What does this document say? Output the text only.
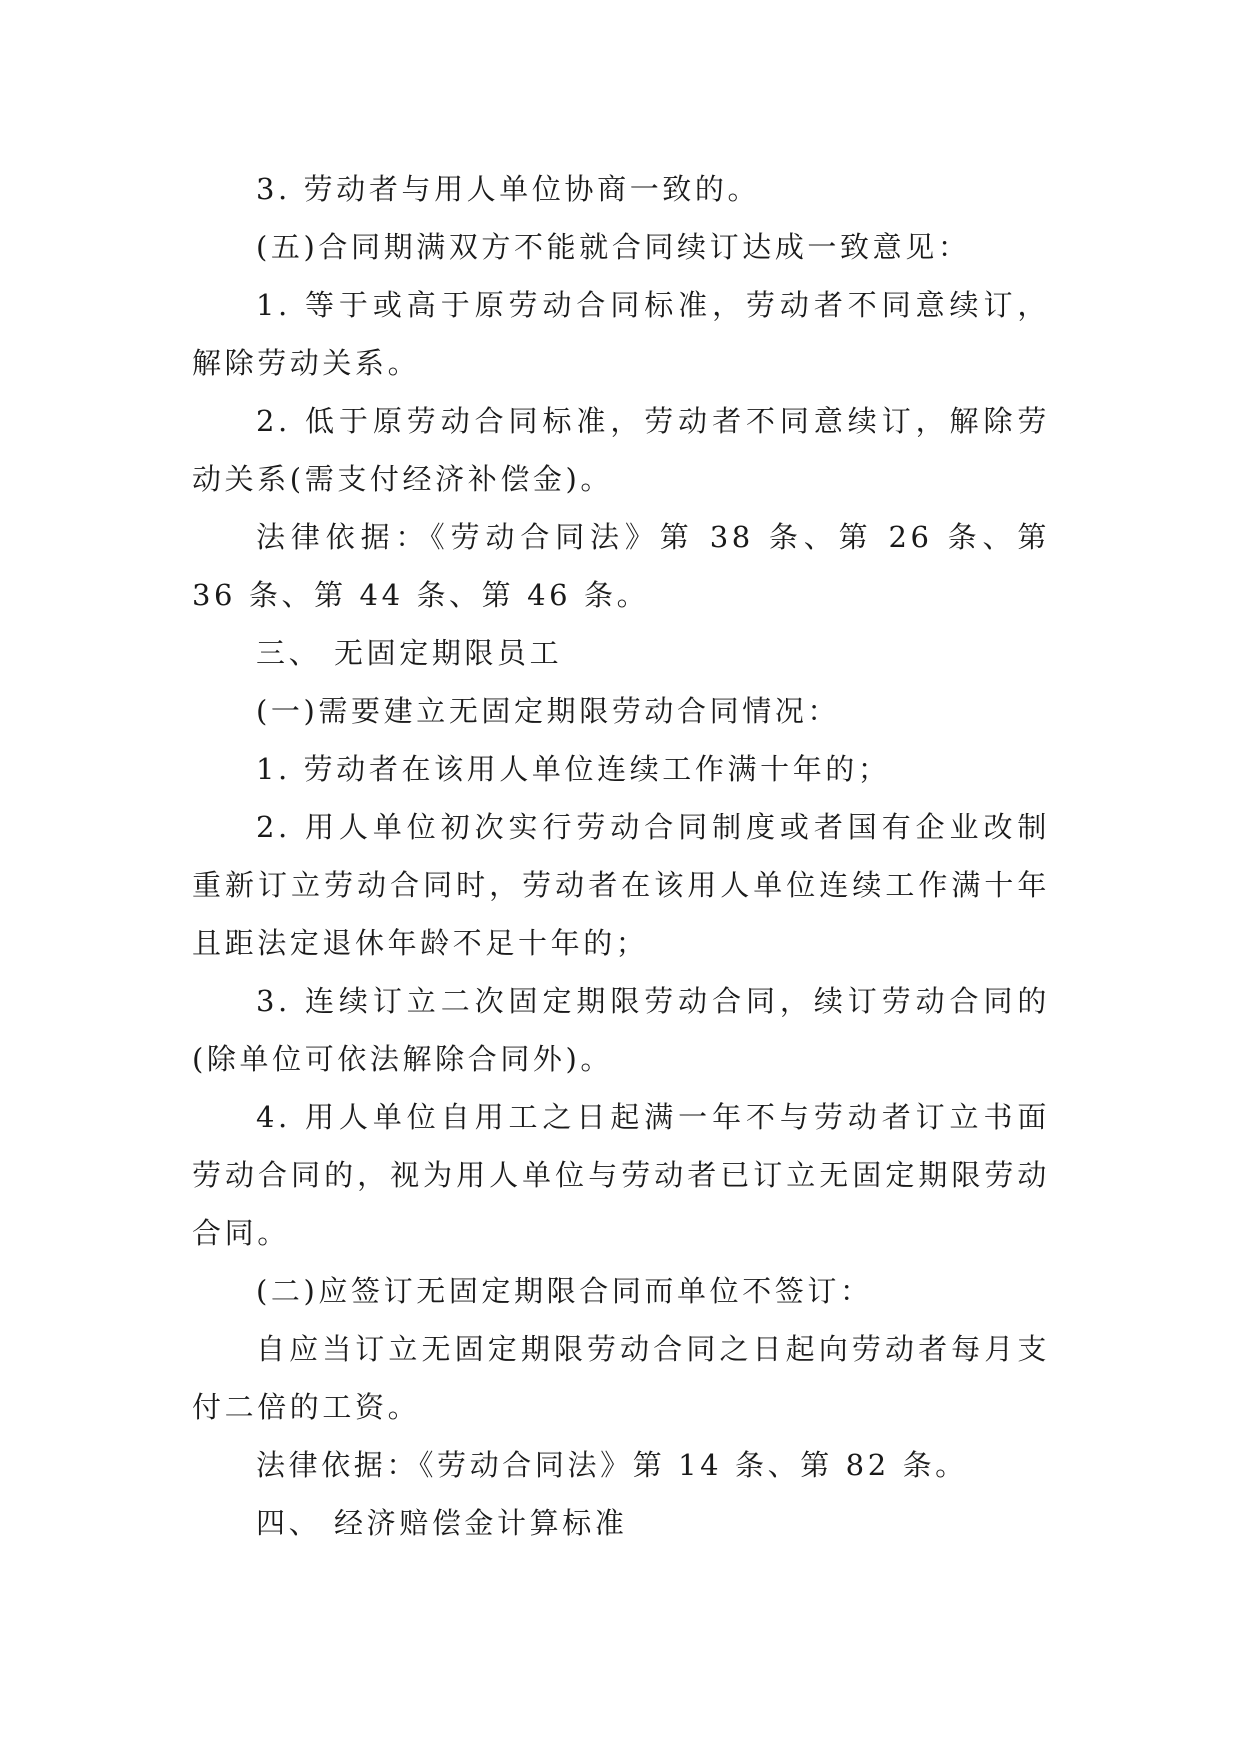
3. 劳动者与用人单位协商一致的。

(五)合同期满双方不能就合同续订达成一致意见：

1. 等于或高于原劳动合同标准，劳动者不同意续订，解除劳动关系。

2. 低于原劳动合同标准，劳动者不同意续订，解除劳动关系(需支付经济补偿金)。

法律依据：《劳动合同法》第 38 条、第 26 条、第 36 条、第 44 条、第 46 条。

三、 无固定期限员工

(一)需要建立无固定期限劳动合同情况：

1. 劳动者在该用人单位连续工作满十年的；

2. 用人单位初次实行劳动合同制度或者国有企业改制重新订立劳动合同时，劳动者在该用人单位连续工作满十年且距法定退休年龄不足十年的；

3. 连续订立二次固定期限劳动合同，续订劳动合同的(除单位可依法解除合同外)。

4. 用人单位自用工之日起满一年不与劳动者订立书面劳动合同的，视为用人单位与劳动者已订立无固定期限劳动合同。

(二)应签订无固定期限合同而单位不签订：

自应当订立无固定期限劳动合同之日起向劳动者每月支付二倍的工资。

法律依据：《劳动合同法》第 14 条、第 82 条。

四、 经济赔偿金计算标准
